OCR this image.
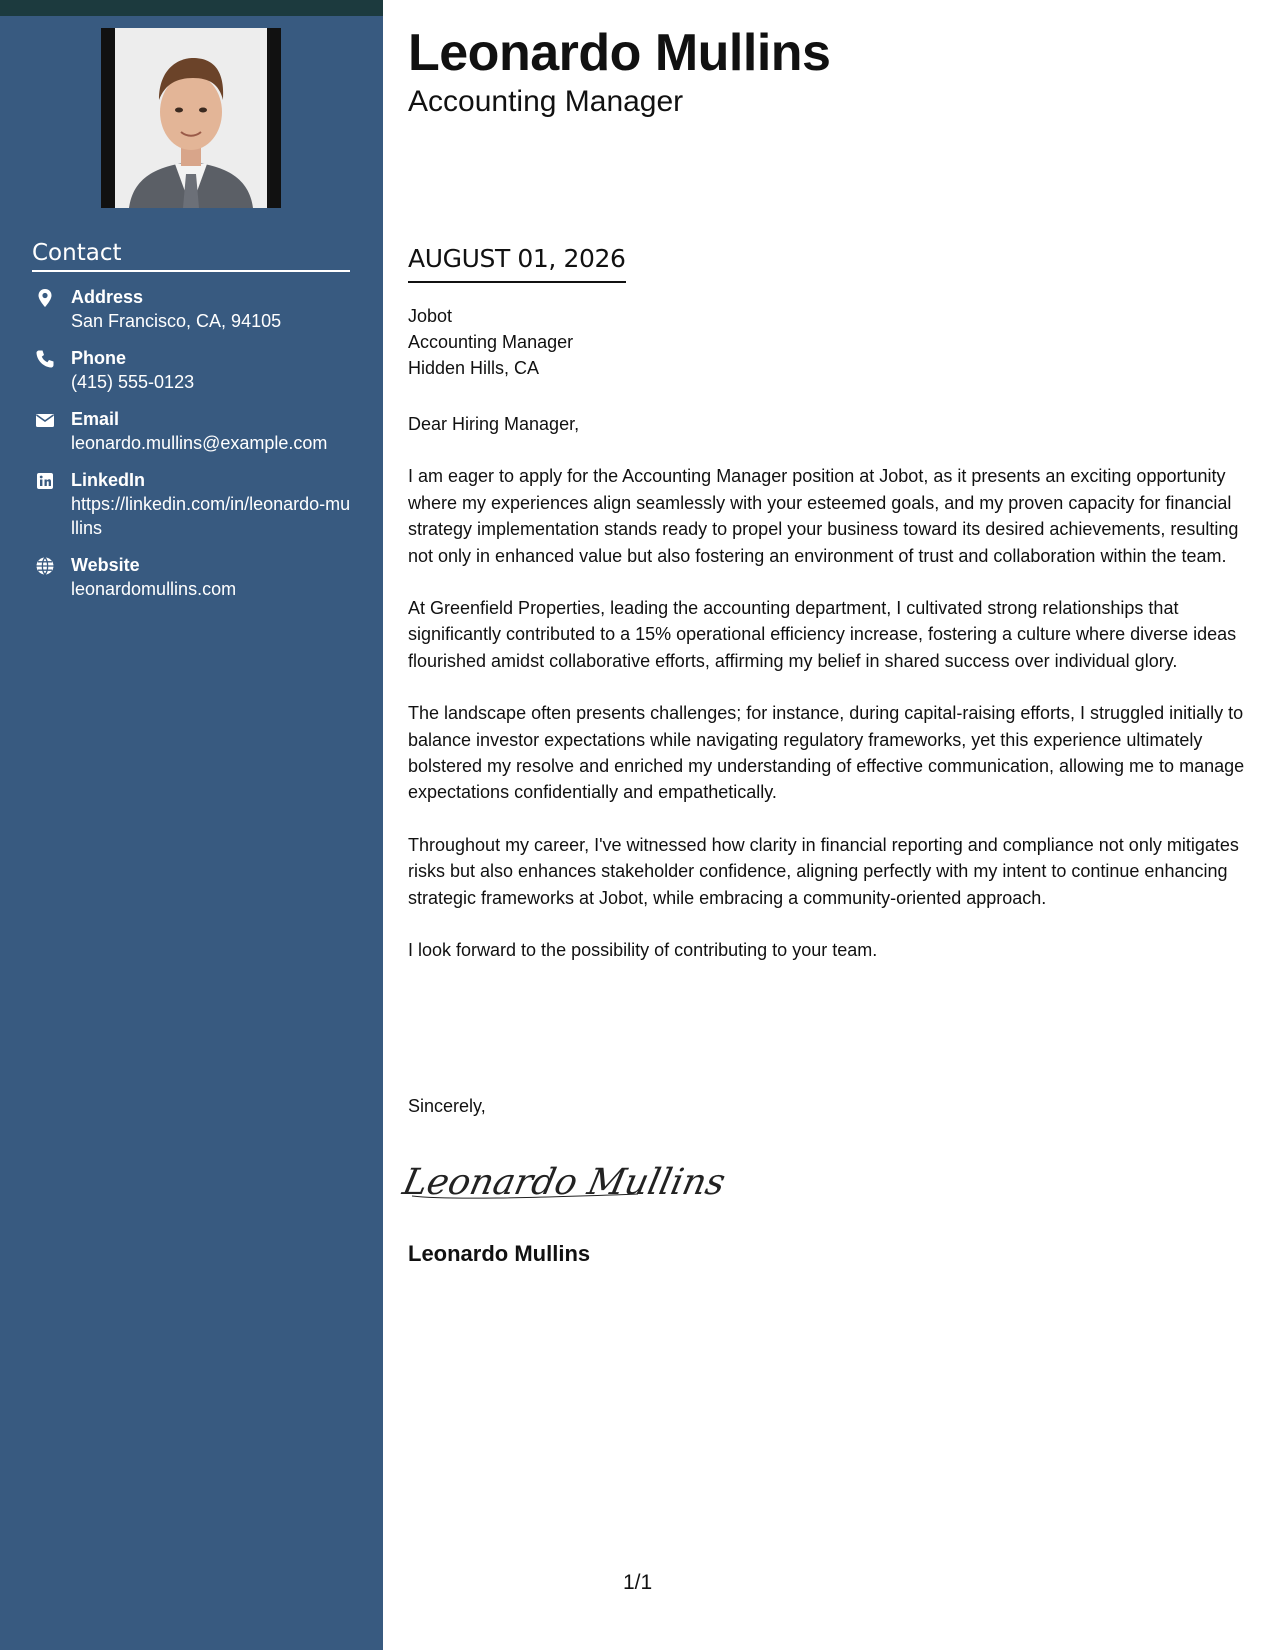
Contact
Address
San Francisco, CA, 94105
Phone
(415) 555-0123
Email
leonardo.mullins@example.com
LinkedIn
https://linkedin.com/in/leonardo-mullins
Website
leonardomullins.com
Leonardo Mullins
Accounting Manager
AUGUST 01, 2026
Jobot
Accounting Manager
Hidden Hills, CA

Dear Hiring Manager,

I am eager to apply for the Accounting Manager position at Jobot, as it presents an exciting opportunity where my experiences align seamlessly with your esteemed goals, and my proven capacity for financial strategy implementation stands ready to propel your business toward its desired achievements, resulting not only in enhanced value but also fostering an environment of trust and collaboration within the team.

At Greenfield Properties, leading the accounting department, I cultivated strong relationships that significantly contributed to a 15% operational efficiency increase, fostering a culture where diverse ideas flourished amidst collaborative efforts, affirming my belief in shared success over individual glory.

The landscape often presents challenges; for instance, during capital-raising efforts, I struggled initially to balance investor expectations while navigating regulatory frameworks, yet this experience ultimately bolstered my resolve and enriched my understanding of effective communication, allowing me to manage expectations confidentially and empathetically.

Throughout my career, I've witnessed how clarity in financial reporting and compliance not only mitigates risks but also enhances stakeholder confidence, aligning perfectly with my intent to continue enhancing strategic frameworks at Jobot, while embracing a community-oriented approach.

I look forward to the possibility of contributing to your team.

Sincerely,
Leonardo Mullins
Leonardo Mullins
1/1
